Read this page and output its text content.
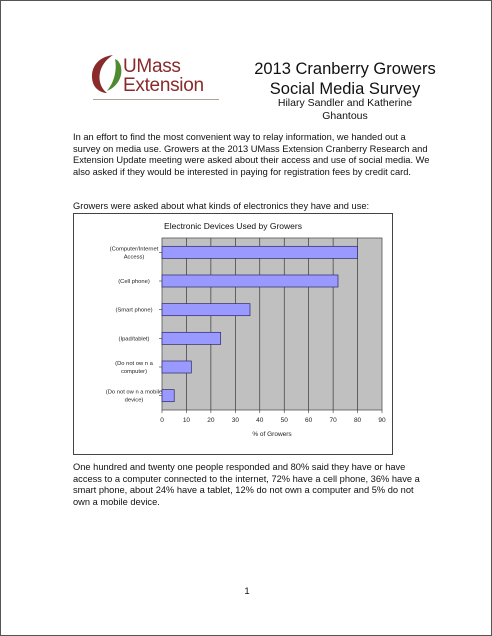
UMass
Extension
2013 Cranberry Growers
Social Media Survey
Hilary Sandler and Katherine
Ghantous

In an effort to find the most convenient way to relay information, we handed out a survey on media use. Growers at the 2013 UMass Extension Cranberry Research and Extension Update meeting were asked about their access and use of social media. We also asked if they would be interested in paying for registration fees by credit card.

Growers were asked about what kinds of electronics they have and use:

Electronic Devices Used by Growers
0	10	20	30	40	50	60	70	80	90
(Computer/Internet
Access)
(Cell phone)
(Smart phone)
(Ipad/tablet)
(Do not ow n a
computer)
(Do not ow n a mobile
device)
% of Growers

One hundred and twenty one people responded and 80% said they have or have access to a computer connected to the internet, 72% have a cell phone, 36% have a smart phone, about 24% have a tablet, 12% do not own a computer and 5% do not own a mobile device.

1
